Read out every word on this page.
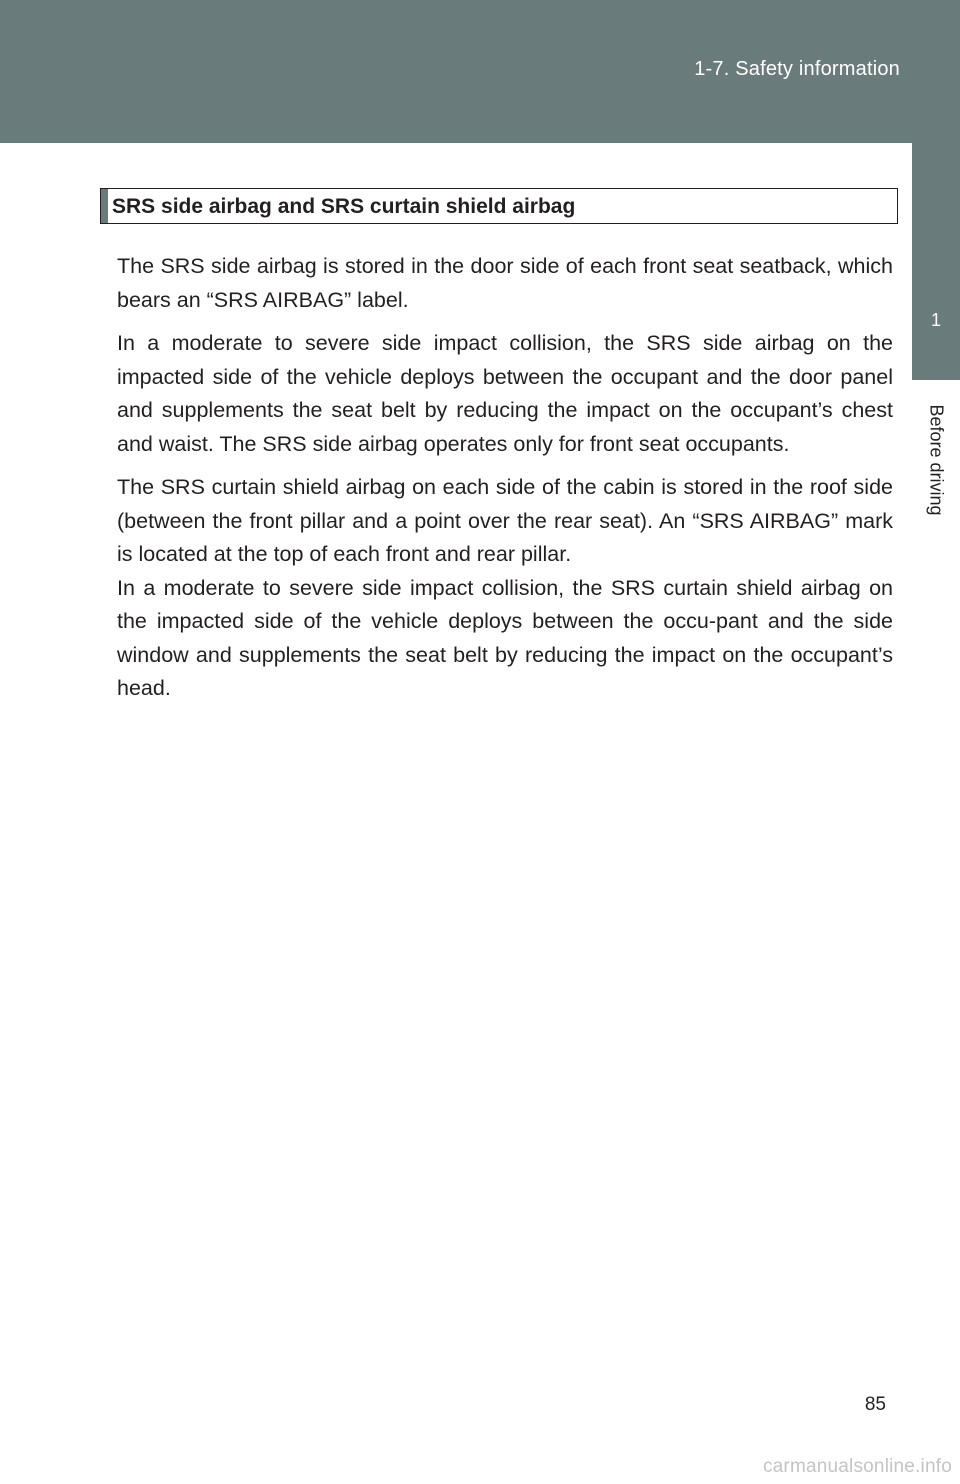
1-7. Safety information
1
Before driving
SRS side airbag and SRS curtain shield airbag

The SRS side airbag is stored in the door side of each front seat seatback, which bears an “SRS AIRBAG” label.

In a moderate to severe side impact collision, the SRS side airbag on the impacted side of the vehicle deploys between the occupant and the door panel and supplements the seat belt by reducing the impact on the occupant’s chest and waist. The SRS side airbag operates only for front seat occupants.

The SRS curtain shield airbag on each side of the cabin is stored in the roof side (between the front pillar and a point over the rear seat). An “SRS AIRBAG” mark is located at the top of each front and rear pillar.

In a moderate to severe side impact collision, the SRS curtain shield airbag on the impacted side of the vehicle deploys between the occu-pant and the side window and supplements the seat belt by reducing the impact on the occupant’s head.

85
carmanualsonline.info
